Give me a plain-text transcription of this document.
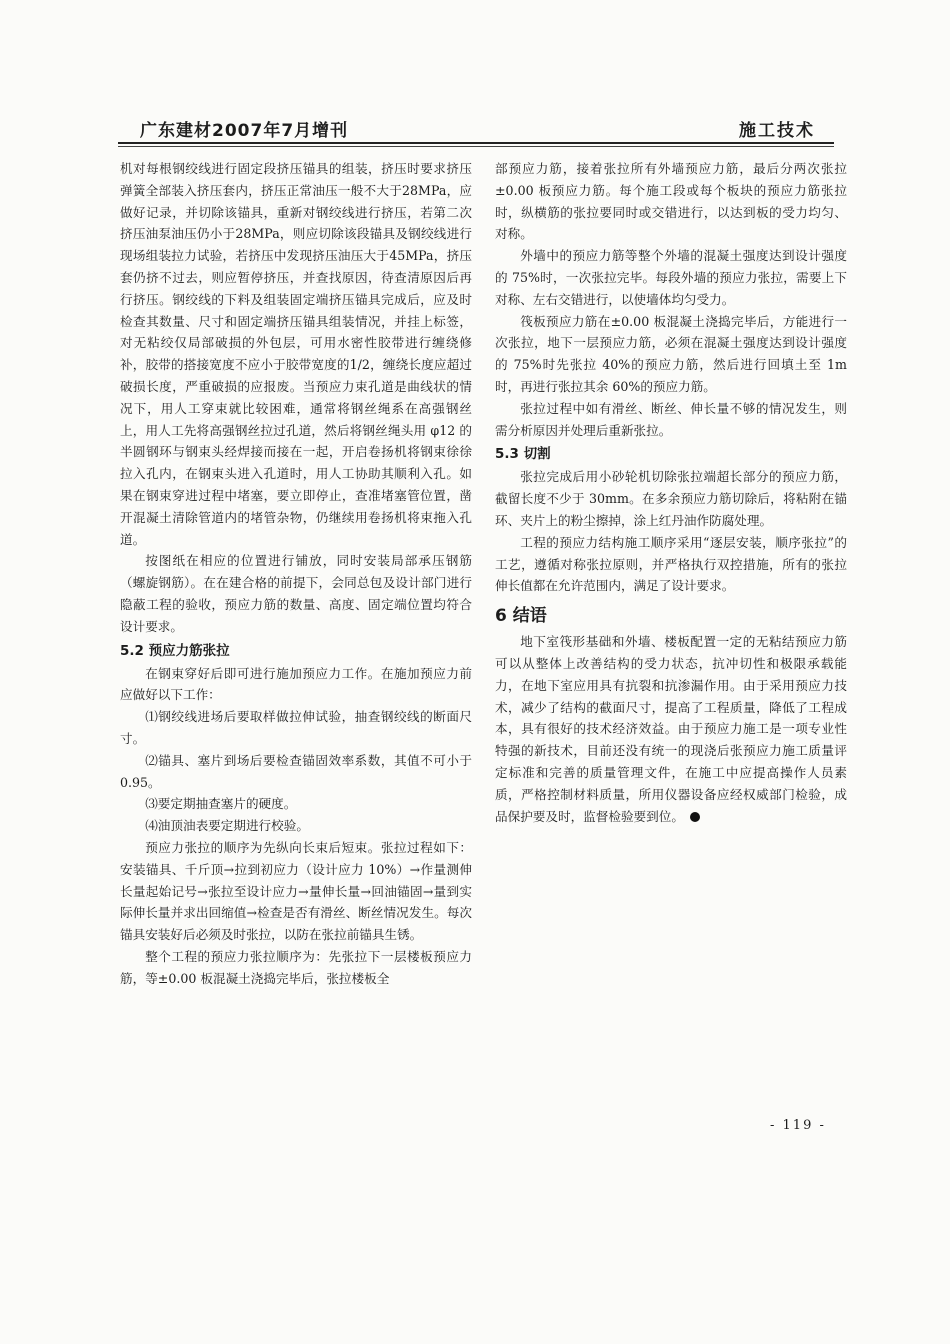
广东建材2007年7月增刊	施工技术

机对每根钢绞线进行固定段挤压锚具的组装，挤压时要求挤压弹簧全部装入挤压套内，挤压正常油压一般不大于28MPa，应做好记录，并切除该锚具，重新对钢绞线进行挤压，若第二次挤压油泵油压仍小于28MPa，则应切除该段锚具及钢绞线进行现场组装拉力试验，若挤压中发现挤压油压大于45MPa，挤压套仍挤不过去，则应暂停挤压，并查找原因，待查清原因后再行挤压。钢绞线的下料及组装固定端挤压锚具完成后，应及时检查其数量、尺寸和固定端挤压锚具组装情况，并挂上标签，对无粘绞仅局部破损的外包层，可用水密性胶带进行缠绕修补，胶带的搭接宽度不应小于胶带宽度的1/2，缠绕长度应超过破损长度，严重破损的应报废。当预应力束孔道是曲线状的情况下，用人工穿束就比较困难，通常将钢丝绳系在高强钢丝上，用人工先将高强钢丝拉过孔道，然后将钢丝绳头用 φ12 的半圆钢环与钢束头经焊接而接在一起，开启卷扬机将钢束徐徐拉入孔内，在钢束头进入孔道时，用人工协助其顺利入孔。如果在钢束穿进过程中堵塞，要立即停止，查准堵塞管位置，凿开混凝土清除管道内的堵管杂物，仍继续用卷扬机将束拖入孔道。

按图纸在相应的位置进行铺放，同时安装局部承压钢筋（螺旋钢筋）。在在建合格的前提下，会同总包及设计部门进行隐蔽工程的验收，预应力筋的数量、高度、固定端位置均符合设计要求。

5.2 预应力筋张拉

在钢束穿好后即可进行施加预应力工作。在施加预应力前应做好以下工作：

⑴钢绞线进场后要取样做拉伸试验，抽查钢绞线的断面尺寸。
⑵锚具、塞片到场后要检查锚固效率系数，其值不可小于 0.95。
⑶要定期抽查塞片的硬度。
⑷油顶油表要定期进行校验。

预应力张拉的顺序为先纵向长束后短束。张拉过程如下：安装锚具、千斤顶→拉到初应力（设计应力 10%）→作量测伸长量起始记号→张拉至设计应力→量伸长量→回油锚固→量到实际伸长量并求出回缩值→检查是否有滑丝、断丝情况发生。每次锚具安装好后必须及时张拉，以防在张拉前锚具生锈。

整个工程的预应力张拉顺序为：先张拉下一层楼板预应力筋，等±0.00 板混凝土浇捣完毕后，张拉楼板全

部预应力筋，接着张拉所有外墙预应力筋，最后分两次张拉±0.00 板预应力筋。每个施工段或每个板块的预应力筋张拉时，纵横筋的张拉要同时或交错进行，以达到板的受力均匀、对称。

外墙中的预应力筋等整个外墙的混凝土强度达到设计强度的 75%时，一次张拉完毕。每段外墙的预应力张拉，需要上下对称、左右交错进行，以使墙体均匀受力。

筏板预应力筋在±0.00 板混凝土浇捣完毕后，方能进行一次张拉，地下一层预应力筋，必须在混凝土强度达到设计强度的 75%时先张拉 40%的预应力筋，然后进行回填土至 1m 时，再进行张拉其余 60%的预应力筋。

张拉过程中如有滑丝、断丝、伸长量不够的情况发生，则需分析原因并处理后重新张拉。

5.3 切割

张拉完成后用小砂轮机切除张拉端超长部分的预应力筋，截留长度不少于 30mm。在多余预应力筋切除后，将粘附在锚环、夹片上的粉尘擦掉，涂上红丹油作防腐处理。

工程的预应力结构施工顺序采用“逐层安装，顺序张拉”的工艺，遵循对称张拉原则，并严格执行双控措施，所有的张拉伸长值都在允许范围内，满足了设计要求。

6 结语

地下室筏形基础和外墙、楼板配置一定的无粘结预应力筋可以从整体上改善结构的受力状态，抗冲切性和极限承载能力，在地下室应用具有抗裂和抗渗漏作用。由于采用预应力技术，减少了结构的截面尺寸，提高了工程质量，降低了工程成本，具有很好的技术经济效益。由于预应力施工是一项专业性特强的新技术，目前还没有统一的现浇后张预应力施工质量评定标准和完善的质量管理文件，在施工中应提高操作人员素质，严格控制材料质量，所用仪器设备应经权威部门检验，成品保护要及时，监督检验要到位。

- 119 -
